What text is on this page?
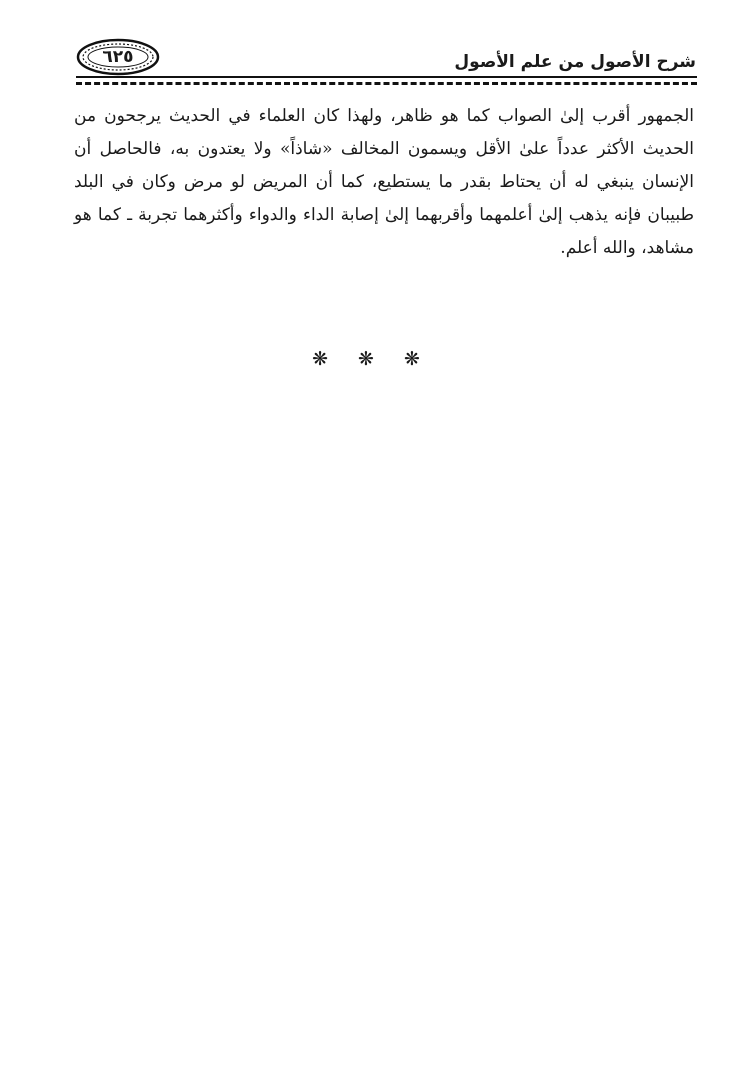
شرح الأصول من علم الأصول
٦٢٥

الجمهور أقرب إلىٰ الصواب كما هو ظاهر، ولهذا كان العلماء في الحديث يرجحون من الحديث الأكثر عدداً علىٰ الأقل ويسمون المخالف «شاذاً» ولا يعتدون به، فالحاصل أن الإنسان ينبغي له أن يحتاط بقدر ما يستطيع، كما أن المريض لو مرض وكان في البلد طبيبان فإنه يذهب إلىٰ أعلمهما وأقربهما إلىٰ إصابة الداء والدواء وأكثرهما تجربة ـ كما هو مشاهد، والله أعلم.

❋ ❋ ❋
